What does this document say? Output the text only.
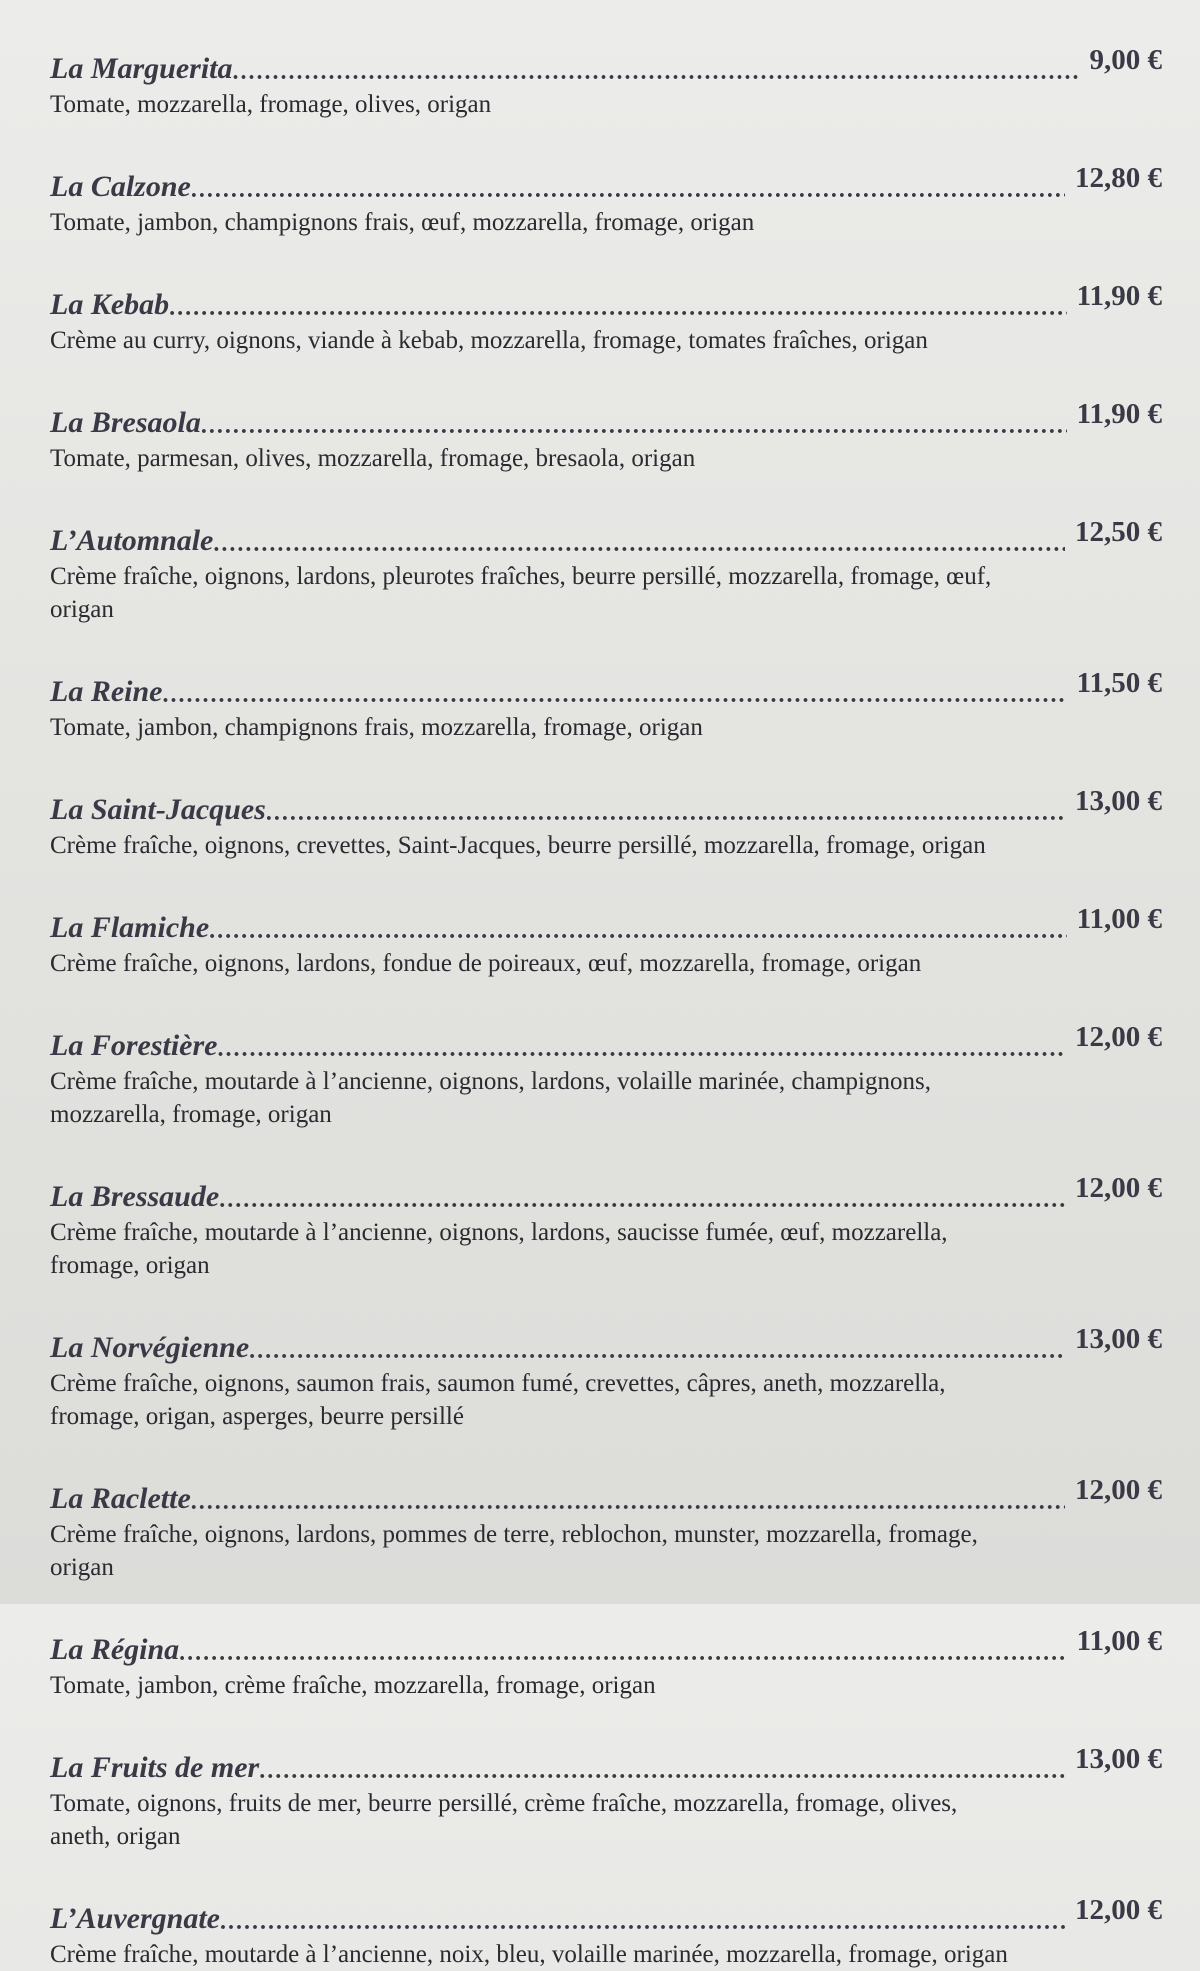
La Marguerita .....	9,00 €

Tomate, mozzarella, fromage, olives, origan

La Calzone .....	12,80 €

Tomate, jambon, champignons frais, œuf, mozzarella, fromage, origan

La Kebab .....	11,90 €

Crème au curry, oignons, viande à kebab, mozzarella, fromage, tomates fraîches, origan

La Bresaola .....	11,90 €

Tomate, parmesan, olives, mozzarella, fromage, bresaola, origan

L’Automnale .....	12,50 €

Crème fraîche, oignons, lardons, pleurotes fraîches, beurre persillé, mozzarella, fromage, œuf, origan

La Reine .....	11,50 €

Tomate, jambon, champignons frais, mozzarella, fromage, origan

La Saint-Jacques .....	13,00 €

Crème fraîche, oignons, crevettes, Saint-Jacques, beurre persillé, mozzarella, fromage, origan

La Flamiche .....	11,00 €

Crème fraîche, oignons, lardons, fondue de poireaux, œuf, mozzarella, fromage, origan

La Forestière .....	12,00 €

Crème fraîche, moutarde à l’ancienne, oignons, lardons, volaille marinée, champignons, mozzarella, fromage, origan

La Bressaude .....	12,00 €

Crème fraîche, moutarde à l’ancienne, oignons, lardons, saucisse fumée, œuf, mozzarella, fromage, origan

La Norvégienne .....	13,00 €

Crème fraîche, oignons, saumon frais, saumon fumé, crevettes, câpres, aneth, mozzarella, fromage, origan, asperges, beurre persillé

La Raclette .....	12,00 €

Crème fraîche, oignons, lardons, pommes de terre, reblochon, munster, mozzarella, fromage, origan

La Régina .....	11,00 €

Tomate, jambon, crème fraîche, mozzarella, fromage, origan

La Fruits de mer .....	13,00 €

Tomate, oignons, fruits de mer, beurre persillé, crème fraîche, mozzarella, fromage, olives, aneth, origan

L’Auvergnate .....	12,00 €

Crème fraîche, moutarde à l’ancienne, noix, bleu, volaille marinée, mozzarella, fromage, origan
